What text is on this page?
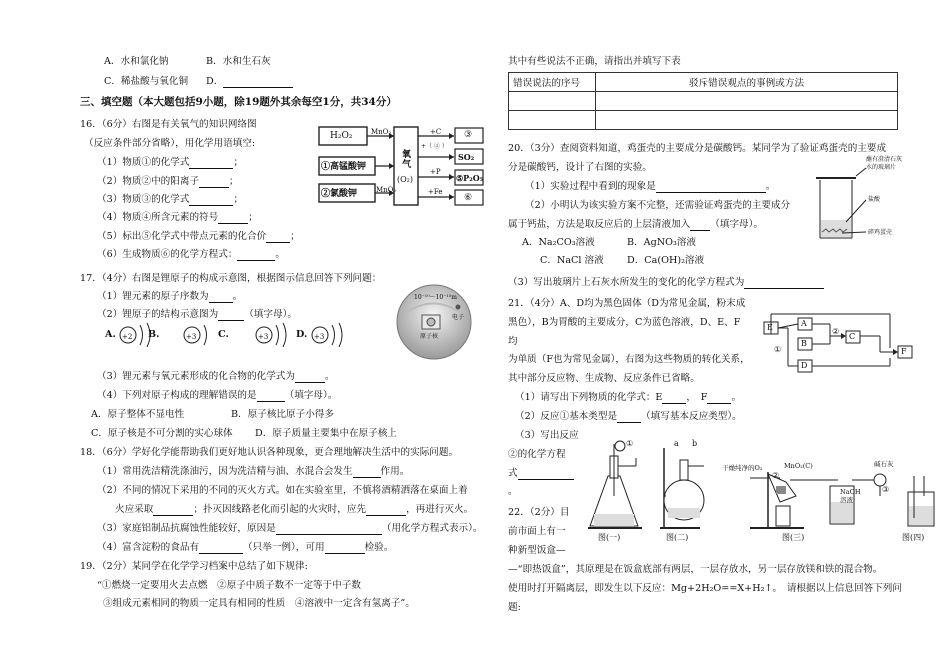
A．水和氯化钠	B．水和生石灰
C．稀盐酸与氧化铜 D．
三、填空题（本大题包括9小题，除19题外其余每空1分，共34分）
16．（6分）右图是有关氧气的知识网络图
（反应条件部分省略），用化学用语填空:
（1）物质①的化学式	；
（2）物质②中的阳离子	；
（3）物质③的化学式	；
（4）物质④所含元素的符号	；
（5）标出⑤化学式中带点元素的化合价	；
（6）生成物质⑥的化学方程式：	。
H₂O₂
①高锰酸钾
②氯酸钾
MnO₂
MnO₂
氧气
(O₂)
+C
+（ ④ ）
+P
+Fe
③
SO₂
⑤P₂O₅
⑥
17．（4分）右图是锂原子的构成示意图，根据图示信息回答下列问题：
（1）锂元素的原子序数为	。
（2）锂原子的结构示意图为	（填字母）。
A.	B.	C.	D.
+2	+3	+3	+3
10⁻¹⁰～10⁻¹⁵m
原子核
电子
（3）锂元素与氧元素形成的化合物的化学式为	。
（4）下列对原子构成的理解错误的是	（填字母）。
A．原子整体不显电性	B．原子核比原子小得多
C．原子核是不可分割的实心球体 D．原子质量主要集中在原子核上
18．（6分）学好化学能帮助我们更好地认识各种现象，更合理地解决生活中的实际问题。
（1）常用洗洁精洗涤油污，因为洗洁精与油、水混合会发生	作用。
（2）不同的情况下采用的不同的灭火方式。如在实验室里，不慎将酒精洒落在桌面上着
火应采取	；扑灭因线路老化而引起的火灾时，应先	，再进行灭火。
（3）家庭铝制品抗腐蚀性能较好，原因是	（用化学方程式表示）。
（4）富含淀粉的食品有	（只举一例），可用	检验。
19．（2分）某同学在化学学习档案中总结了如下规律:
“①燃烧一定要用火去点燃　②原子中质子数不一定等于中子数
③组成元素相同的物质一定具有相同的性质　④溶液中一定含有氢离子”。
其中有些说法不正确，请指出并填写下表
错误说法的序号	驳斥错误观点的事例或方法

20．（3分）查阅资料知道，鸡蛋壳的主要成分是碳酸钙。某同学为了验证鸡蛋壳的主要成
分是碳酸钙，设计了右图的实验。
（1）实验过程中看到的现象是	。
（2）小明认为该实验方案不完整，还需验证鸡蛋壳的主要成分
属于钙盐，方法是取反应后的上层清液加入 （填字母）。
A．Na₂CO₃溶液	B．AgNO₃溶液
C．NaCl 溶液 D．Ca(OH)₂溶液
（3）写出玻璃片上石灰水所发生的变化的化学方程式为
蘸有澄清石灰
水的玻璃片
盐酸
碎鸡蛋壳
21．（4分）A、D均为黑色固体（D为常见金属，粉末成
黑色），B为胃酸的主要成分，C为蓝色溶液，D、E、F
均
为单质（F也为常见金属），右图为这些物质的转化关系，
其中部分反应物、生成物、反应条件已省略。
（1）请写出下列物质的化学式：E	，　F	。
（2）反应①基本类型是	（填写基本反应类型）。
（3）写出反应
②的化学方程
式
。
E	A
B
C
D
F
①
②
22．（2分）目
前市面上有一
种新型饭盒—
—“即热饭盒”，其原理是在饭盒底部有两层，一层存放水，另一层存放镁和铁的混合物。
使用时打开隔离层，即发生以下反应：Mg+2H₂O==X+H₂↑。　请根据以上信息回答下列问
题:
①	a b
②
③
干燥纯净的O₂	MnO₂(C)
NaOH
溶液
碱石灰
图(一)	图(二)	图(三)	图(四)
